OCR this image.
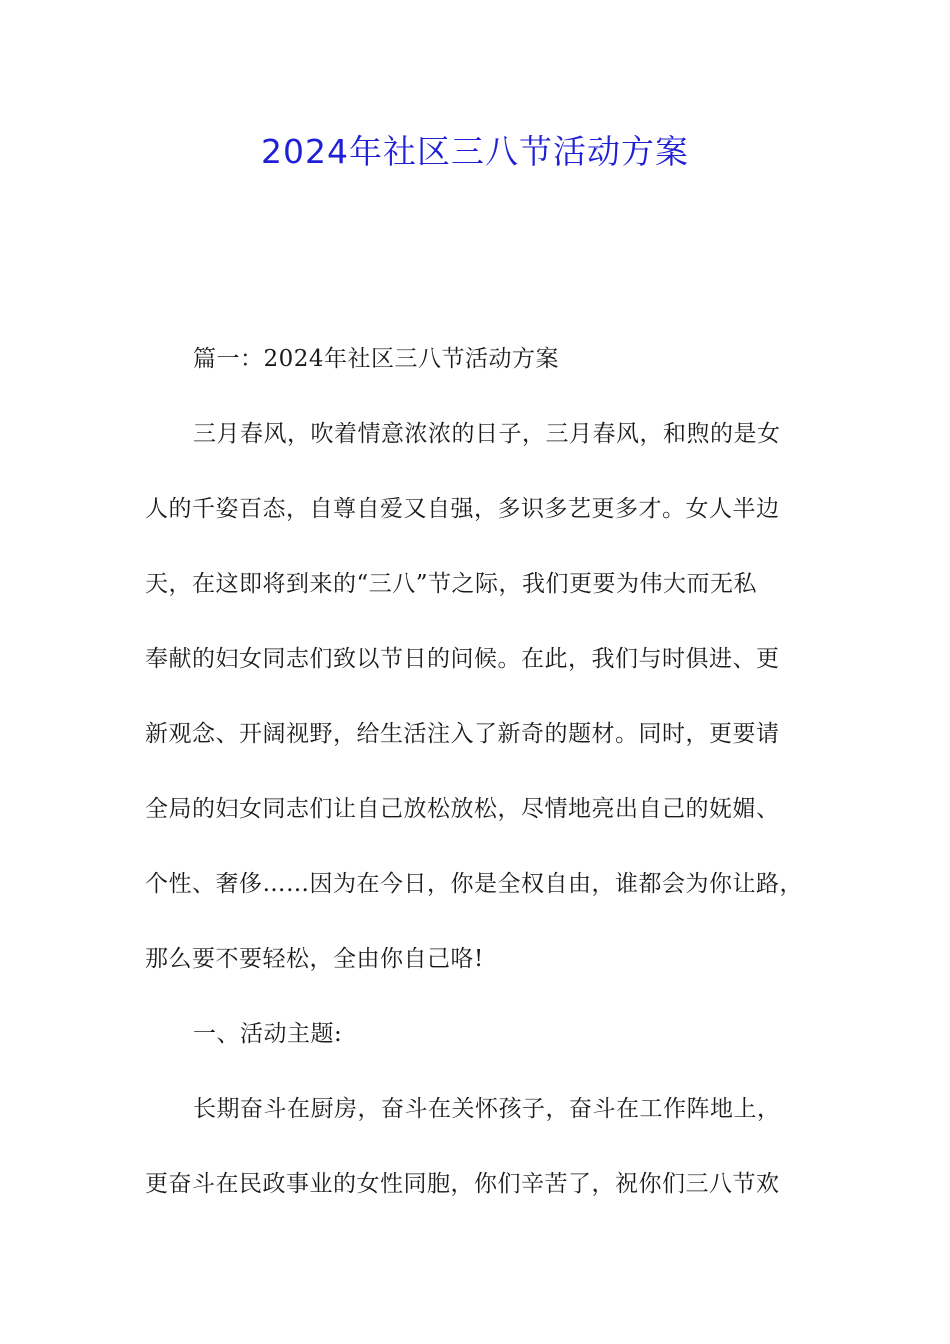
2024年社区三八节活动方案

篇一：2024年社区三八节活动方案

三月春风，吹着情意浓浓的日子，三月春风，和煦的是女

人的千姿百态，自尊自爱又自强，多识多艺更多才。女人半边

天，在这即将到来的“三八”节之际，我们更要为伟大而无私

奉献的妇女同志们致以节日的问候。在此，我们与时俱进、更

新观念、开阔视野，给生活注入了新奇的题材。同时，更要请

全局的妇女同志们让自己放松放松，尽情地亮出自己的妩媚、

个性、奢侈……因为在今日，你是全权自由，谁都会为你让路，

那么要不要轻松，全由你自己咯!

一、活动主题:

长期奋斗在厨房，奋斗在关怀孩子，奋斗在工作阵地上，

更奋斗在民政事业的女性同胞，你们辛苦了，祝你们三八节欢
